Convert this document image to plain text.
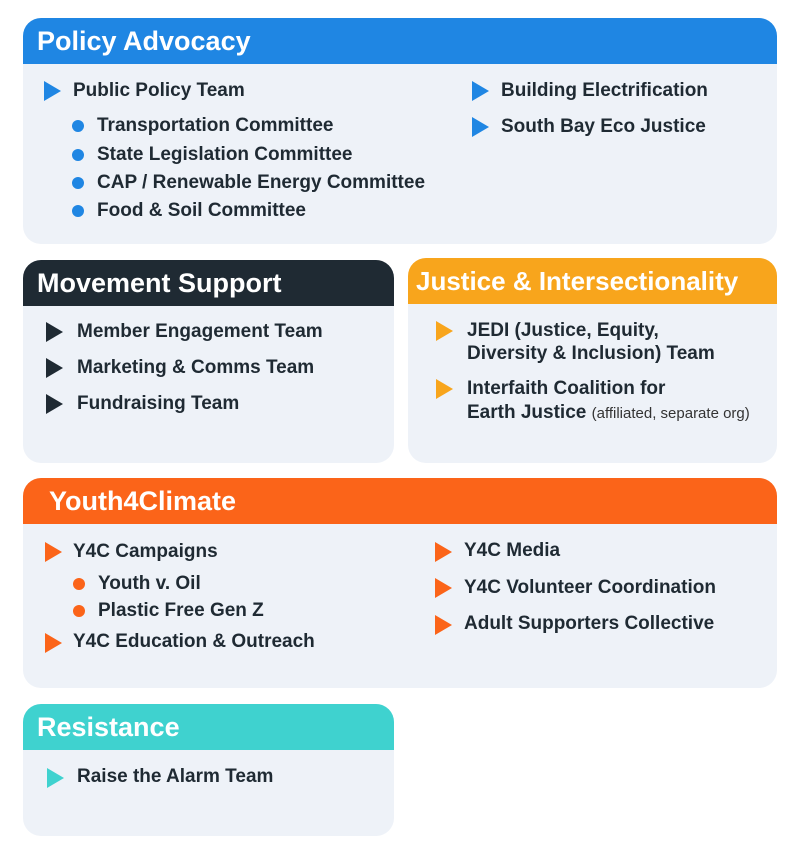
Policy Advocacy
Public Policy Team
Transportation Committee
State Legislation Committee
CAP / Renewable Energy Committee
Food & Soil Committee
Building Electrification
South Bay Eco Justice
Movement Support
Member Engagement Team
Marketing & Comms Team
Fundraising Team
Justice & Intersectionality
JEDI (Justice, Equity,
Diversity & Inclusion) Team
Interfaith Coalition for
Earth Justice (affiliated, separate org)
Youth4Climate
Y4C Campaigns
Youth v. Oil
Plastic Free Gen Z
Y4C Education & Outreach
Y4C Media
Y4C Volunteer Coordination
Adult Supporters Collective
Resistance
Raise the Alarm Team
